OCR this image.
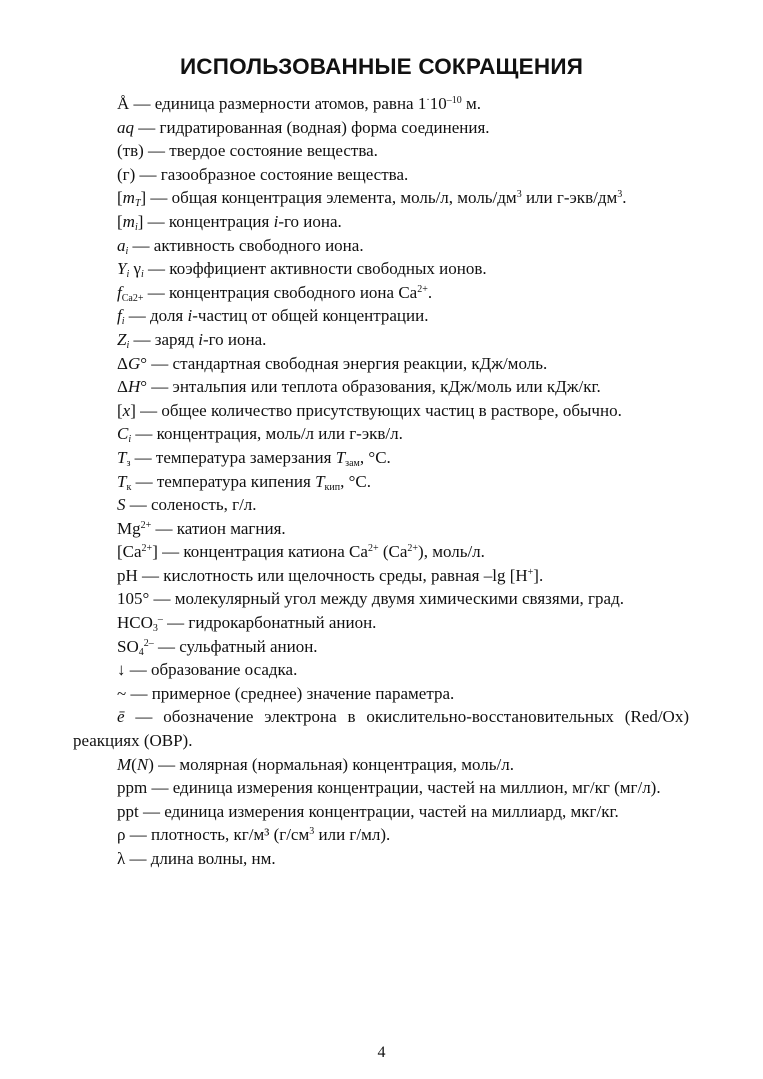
ИСПОЛЬЗОВАННЫЕ СОКРАЩЕНИЯ

Å — единица размерности атомов, равна $1^\cdot 10^{-10}$ м.

aq — гидратированная (водная) форма соединения.

(тв) — твердое состояние вещества.

(г) — газообразное состояние вещества.

$[m_T]$ — общая концентрация элемента, моль/л, моль/$дм^3$ или $г-экв/дм^3$.

$[m_i]$ — концентрация i-го иона.

$a_i$ — активность свободного иона.

$Y_i$ $\gamma_i$ — коэффициент активности свободных ионов.

$f_{Ca2+}$ — концентрация свободного иона $Ca^{2+}$.

$f_i$ — доля i-частиц от общей концентрации.

$Z_i$ — заряд i-го иона.

ΔG° — стандартная свободная энергия реакции, кДж/моль.

ΔH° — энтальпия или теплота образования, кДж/моль или кДж/кг.

[x] — общее количество присутствующих частиц в растворе, обычно.

$C_i$ — концентрация, моль/л или г-экв/л.

$T_з$ — температура замерзания $T_{зам}$, °С.

$T_к$ — температура кипения $T_{кип}$, °С.

S — соленость, г/л.

$Mg^{2+}$ — катион магния.

$[Ca^{2+}]$ — концентрация катиона $Ca^{2+}$ $(Ca^{2+})$, моль/л.

pH — кислотность или щелочность среды, равная –lg [H+].

105° — молекулярный угол между двумя химическими связями, град.

$HCO_3^-$ — гидрокарбонатный анион.

$SO_4^{2-}$ — сульфатный анион.

↓ — образование осадка.

~ — примерное (среднее) значение параметра.

ē — обозначение электрона в окислительно-восстановительных (Red/Ox) реакциях (ОВР).

M(N) — молярная (нормальная) концентрация, моль/л.

ppm — единица измерения концентрации, частей на миллион, мг/кг (мг/л).

ppt — единица измерения концентрации, частей на миллиард, мкг/кг.

ρ — плотность, кг/м³ ($г/см^3$ или г/мл).

λ — длина волны, нм.

4
